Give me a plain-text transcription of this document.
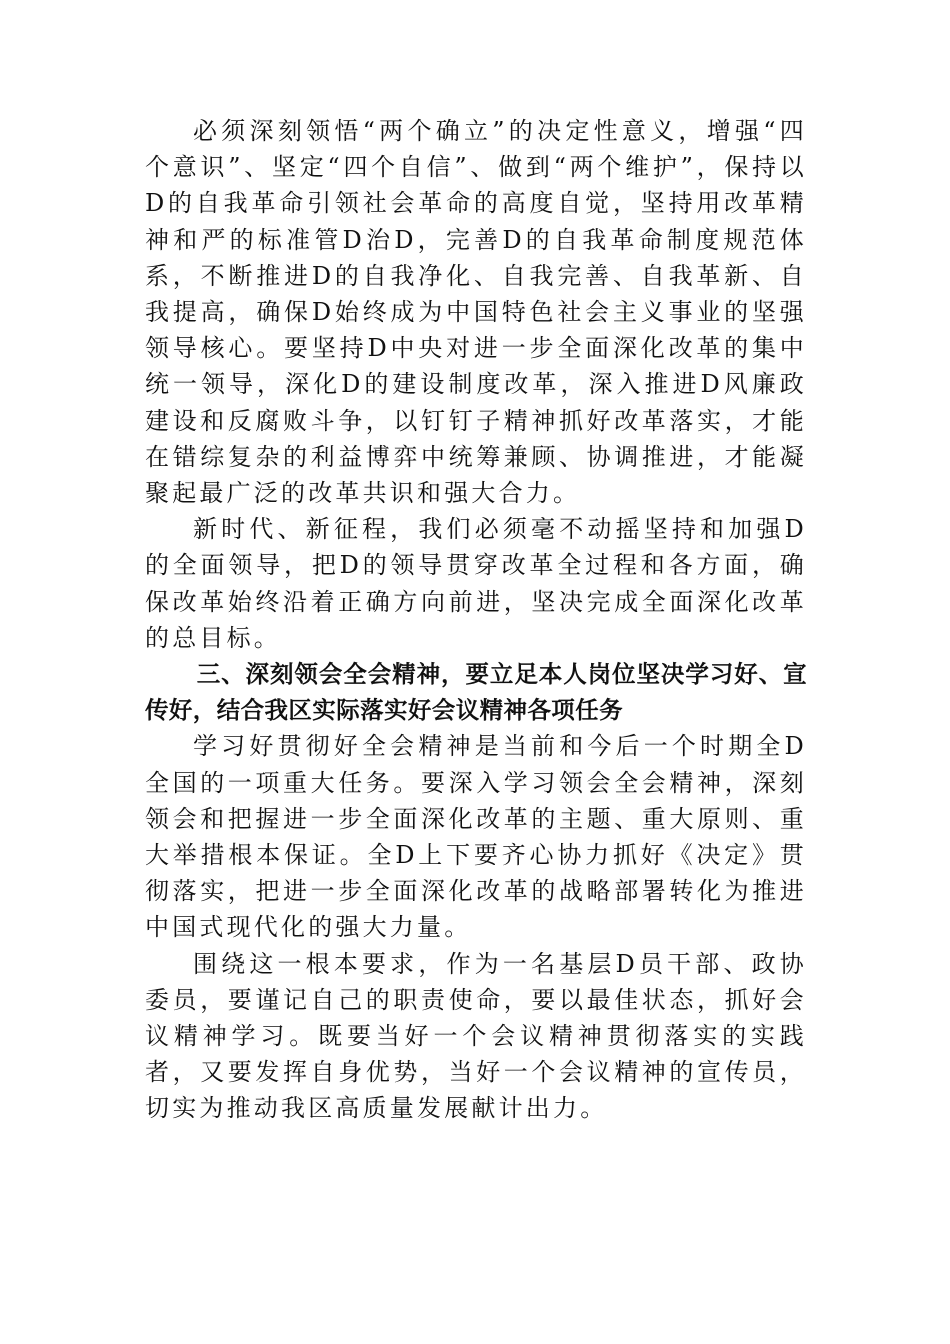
必须深刻领悟“两个确立”的决定性意义，增强“四个意识”、坚定“四个自信”、做到“两个维护”，保持以D的自我革命引领社会革命的高度自觉，坚持用改革精神和严的标准管D治D，完善D的自我革命制度规范体系，不断推进D的自我净化、自我完善、自我革新、自我提高，确保D始终成为中国特色社会主义事业的坚强领导核心。要坚持D中央对进一步全面深化改革的集中统一领导，深化D的建设制度改革，深入推进D风廉政建设和反腐败斗争，以钉钉子精神抓好改革落实，才能在错综复杂的利益博弈中统筹兼顾、协调推进，才能凝聚起最广泛的改革共识和强大合力。

新时代、新征程，我们必须毫不动摇坚持和加强D的全面领导，把D的领导贯穿改革全过程和各方面，确保改革始终沿着正确方向前进，坚决完成全面深化改革的总目标。

三、深刻领会全会精神，要立足本人岗位坚决学习好、宣传好，结合我区实际落实好会议精神各项任务

学习好贯彻好全会精神是当前和今后一个时期全D全国的一项重大任务。要深入学习领会全会精神，深刻领会和把握进一步全面深化改革的主题、重大原则、重大举措根本保证。全D上下要齐心协力抓好《决定》贯彻落实，把进一步全面深化改革的战略部署转化为推进中国式现代化的强大力量。

围绕这一根本要求，作为一名基层D员干部、政协委员，要谨记自己的职责使命，要以最佳状态，抓好会议精神学习。既要当好一个会议精神贯彻落实的实践者，又要发挥自身优势，当好一个会议精神的宣传员，切实为推动我区高质量发展献计出力。
